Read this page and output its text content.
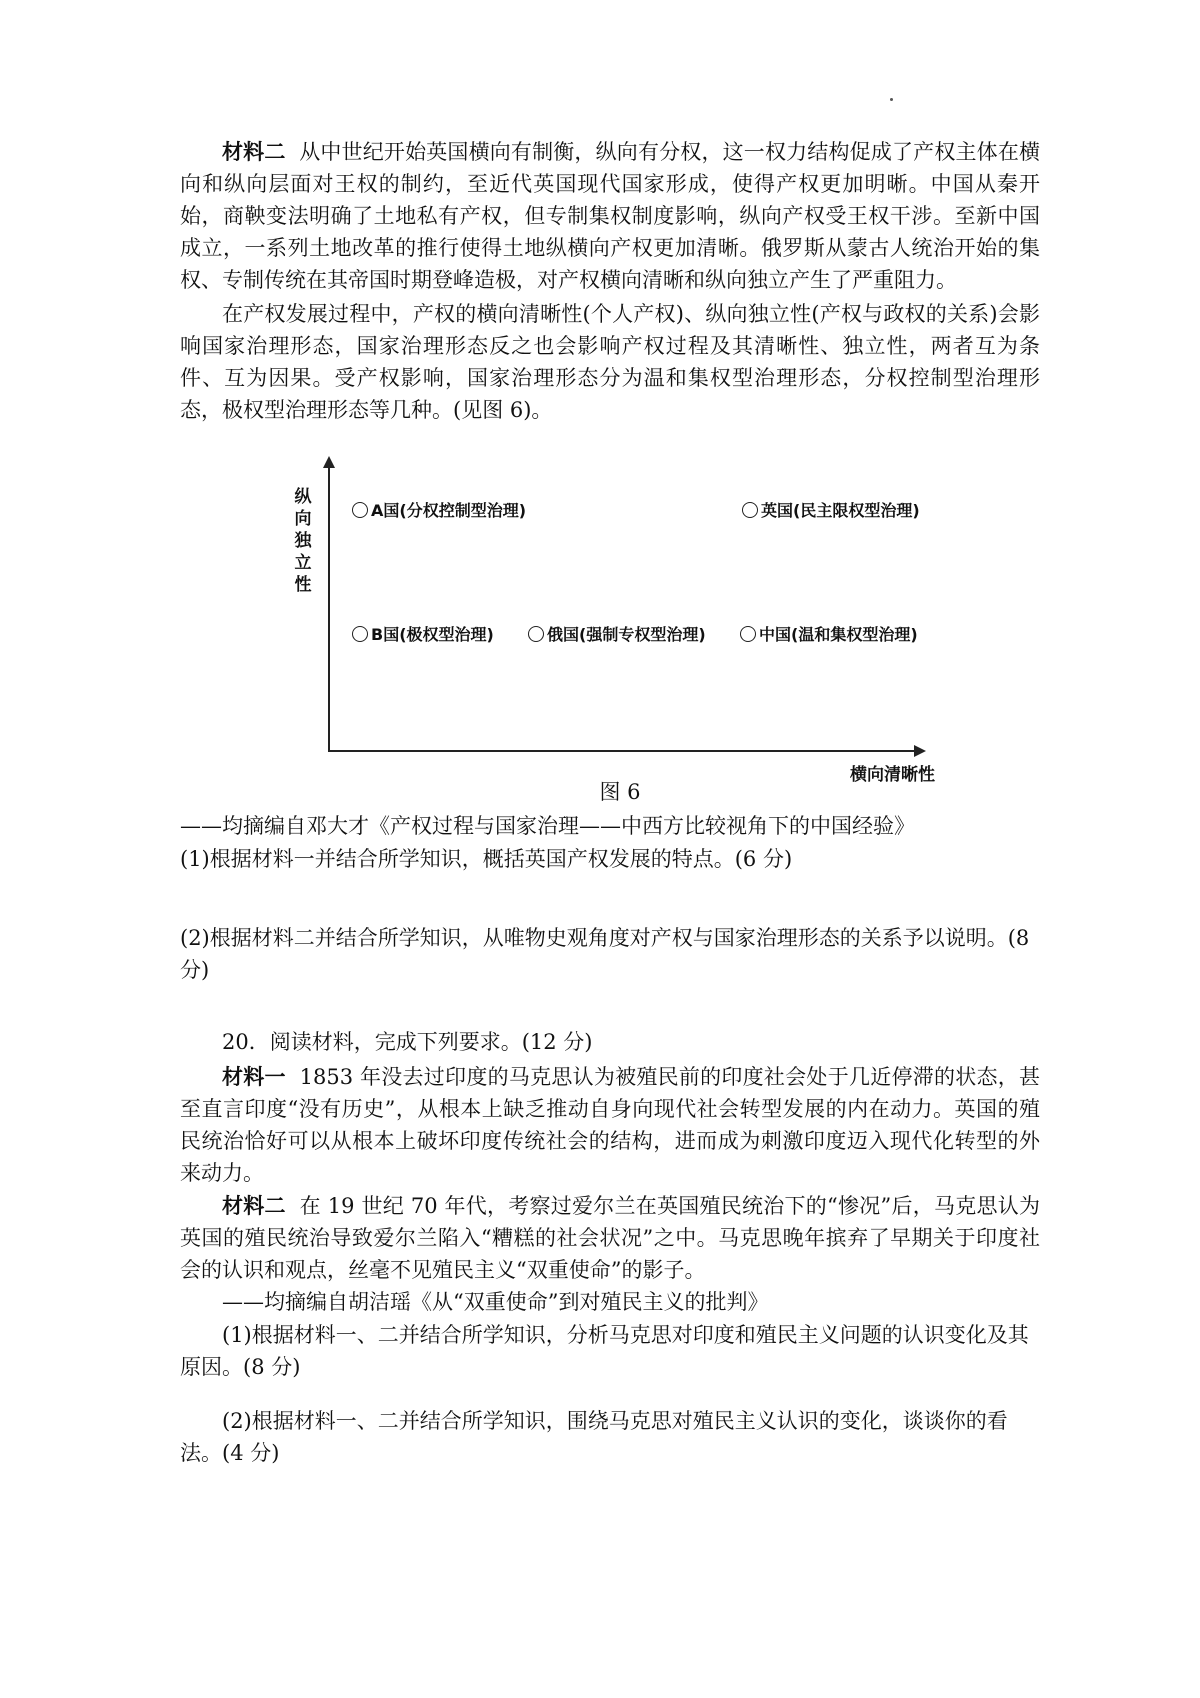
材料二 从中世纪开始英国横向有制衡，纵向有分权，这一权力结构促成了产权主体在横向和纵向层面对王权的制约，至近代英国现代国家形成，使得产权更加明晰。中国从秦开始，商鞅变法明确了土地私有产权，但专制集权制度影响，纵向产权受王权干涉。至新中国成立，一系列土地改革的推行使得土地纵横向产权更加清晰。俄罗斯从蒙古人统治开始的集权、专制传统在其帝国时期登峰造极，对产权横向清晰和纵向独立产生了严重阻力。

在产权发展过程中，产权的横向清晰性(个人产权)、纵向独立性(产权与政权的关系)会影响国家治理形态，国家治理形态反之也会影响产权过程及其清晰性、独立性，两者互为条件、互为因果。受产权影响，国家治理形态分为温和集权型治理形态，分权控制型治理形态，极权型治理形态等几种。(见图 6)。

纵向独立性
横向清晰性
A国(分权控制型治理)	英国(民主限权型治理)
B国(极权型治理)	俄国(强制专权型治理)	中国(温和集权型治理)
图 6

——均摘编自邓大才《产权过程与国家治理——中西方比较视角下的中国经验》

(1)根据材料一并结合所学知识，概括英国产权发展的特点。(6 分)

(2)根据材料二并结合所学知识，从唯物史观角度对产权与国家治理形态的关系予以说明。(8 分)

20．阅读材料，完成下列要求。(12 分)

材料一 1853 年没去过印度的马克思认为被殖民前的印度社会处于几近停滞的状态，甚至直言印度“没有历史”，从根本上缺乏推动自身向现代社会转型发展的内在动力。英国的殖民统治恰好可以从根本上破坏印度传统社会的结构，进而成为刺激印度迈入现代化转型的外来动力。

材料二 在 19 世纪 70 年代，考察过爱尔兰在英国殖民统治下的“惨况”后，马克思认为英国的殖民统治导致爱尔兰陷入“糟糕的社会状况”之中。马克思晚年摈弃了早期关于印度社会的认识和观点，丝毫不见殖民主义“双重使命”的影子。

——均摘编自胡洁瑶《从“双重使命”到对殖民主义的批判》

(1)根据材料一、二并结合所学知识，分析马克思对印度和殖民主义问题的认识变化及其原因。(8 分)

(2)根据材料一、二并结合所学知识，围绕马克思对殖民主义认识的变化，谈谈你的看法。(4 分)
